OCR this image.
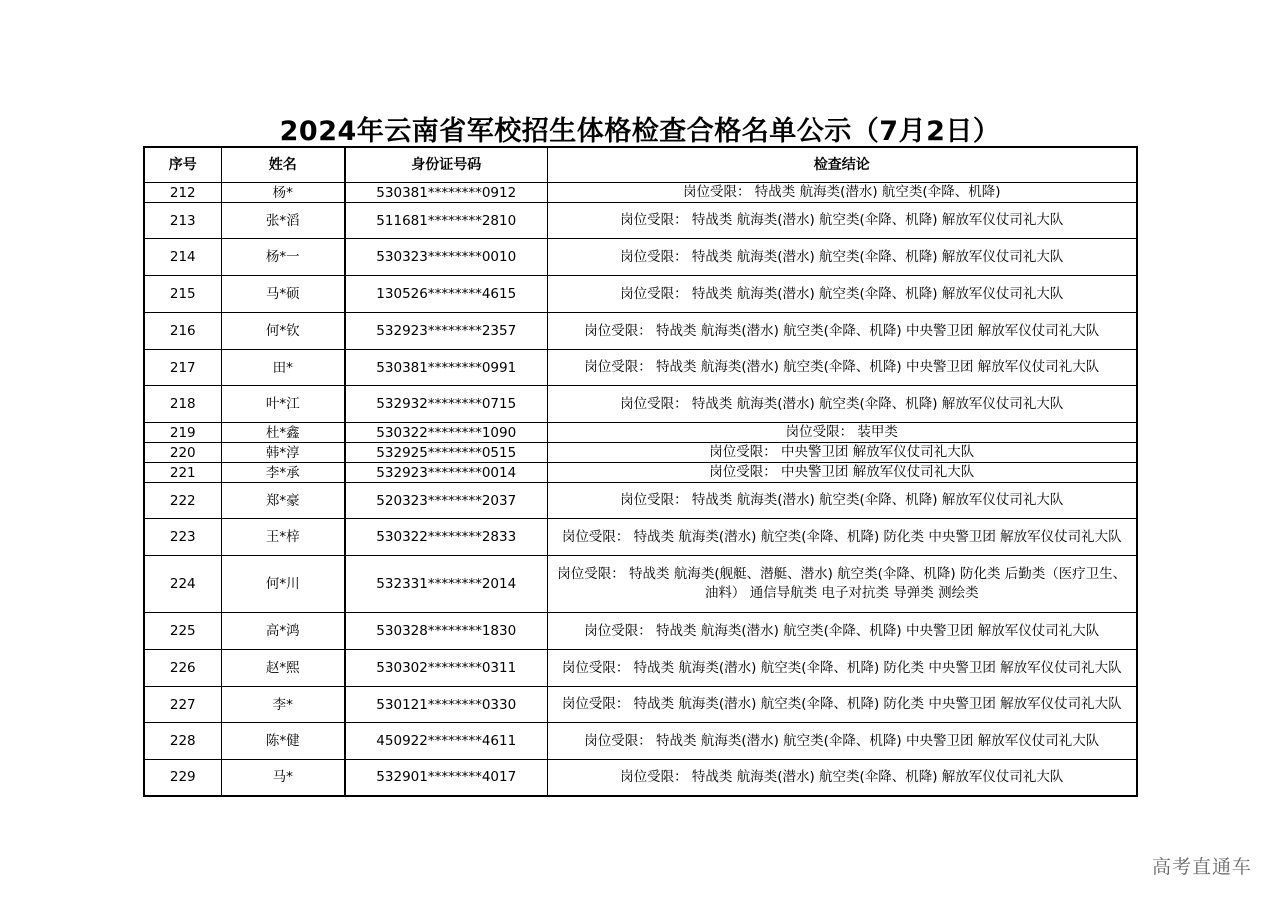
2024年云南省军校招生体格检查合格名单公示（7月2日）
序号	姓名	身份证号码	检查结论
212	杨*	530381********0912	岗位受限： 特战类 航海类(潜水) 航空类(伞降、机降)
213	张*滔	511681********2810	岗位受限： 特战类 航海类(潜水) 航空类(伞降、机降) 解放军仪仗司礼大队
214	杨*一	530323********0010	岗位受限： 特战类 航海类(潜水) 航空类(伞降、机降) 解放军仪仗司礼大队
215	马*硕	130526********4615	岗位受限： 特战类 航海类(潜水) 航空类(伞降、机降) 解放军仪仗司礼大队
216	何*钦	532923********2357	岗位受限： 特战类 航海类(潜水) 航空类(伞降、机降) 中央警卫团 解放军仪仗司礼大队
217	田*	530381********0991	岗位受限： 特战类 航海类(潜水) 航空类(伞降、机降) 中央警卫团 解放军仪仗司礼大队
218	叶*江	532932********0715	岗位受限： 特战类 航海类(潜水) 航空类(伞降、机降) 解放军仪仗司礼大队
219	杜*鑫	530322********1090	岗位受限： 装甲类
220	韩*淳	532925********0515	岗位受限： 中央警卫团 解放军仪仗司礼大队
221	李*承	532923********0014	岗位受限： 中央警卫团 解放军仪仗司礼大队
222	郑*豪	520323********2037	岗位受限： 特战类 航海类(潜水) 航空类(伞降、机降) 解放军仪仗司礼大队
223	王*梓	530322********2833	岗位受限： 特战类 航海类(潜水) 航空类(伞降、机降) 防化类 中央警卫团 解放军仪仗司礼大队
224	何*川	532331********2014	岗位受限： 特战类 航海类(舰艇、潜艇、潜水) 航空类(伞降、机降) 防化类 后勤类（医疗卫生、油料） 通信导航类 电子对抗类 导弹类 测绘类
225	高*鸿	530328********1830	岗位受限： 特战类 航海类(潜水) 航空类(伞降、机降) 中央警卫团 解放军仪仗司礼大队
226	赵*熙	530302********0311	岗位受限： 特战类 航海类(潜水) 航空类(伞降、机降) 防化类 中央警卫团 解放军仪仗司礼大队
227	李*	530121********0330	岗位受限： 特战类 航海类(潜水) 航空类(伞降、机降) 防化类 中央警卫团 解放军仪仗司礼大队
228	陈*健	450922********4611	岗位受限： 特战类 航海类(潜水) 航空类(伞降、机降) 中央警卫团 解放军仪仗司礼大队
229	马*	532901********4017	岗位受限： 特战类 航海类(潜水) 航空类(伞降、机降) 解放军仪仗司礼大队
高考直通车
